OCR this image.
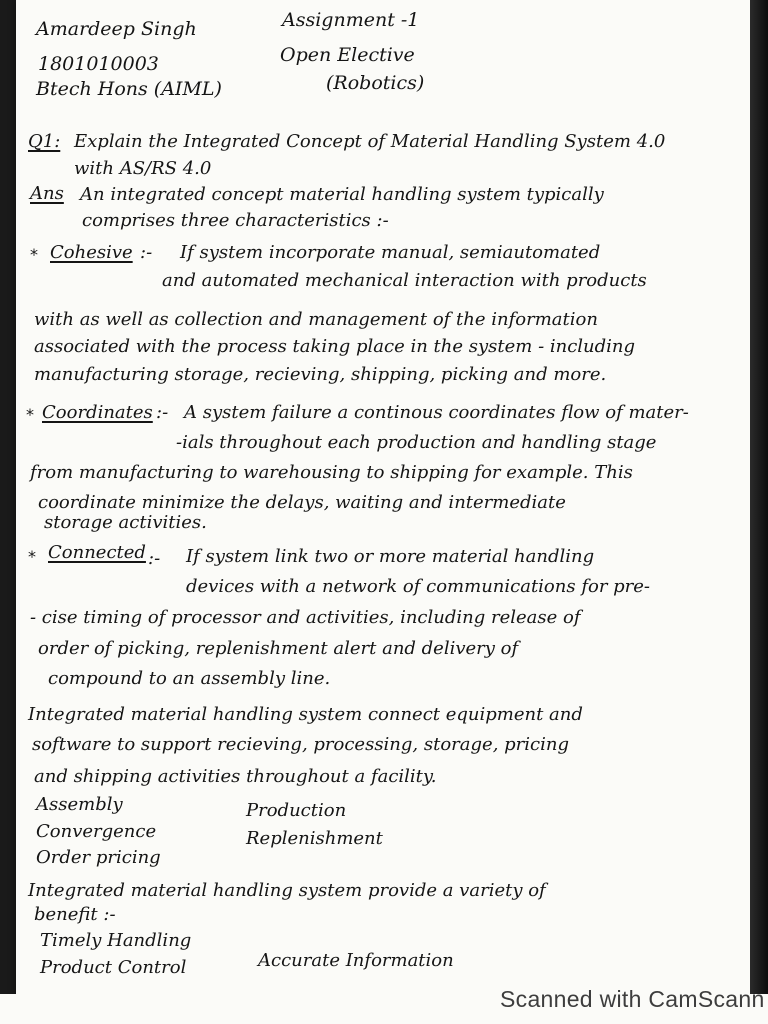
Amardeep Singh
1801010003
Btech Hons (AIML)
Assignment -1
Open Elective
(Robotics)
Q1: Explain the Integrated Concept of Material Handling System 4.0
with AS/RS 4.0
Ans An integrated concept material handling system typically
comprises three characteristics :-
* Cohesive :- If system incorporate manual, semiautomated
and automated mechanical interaction with products
with as well as collection and management of the information
associated with the process taking place in the system - including
manufacturing storage, recieving, shipping, picking and more.
* Coordinates :- A system failure a continous coordinates flow of mater-
-ials throughout each production and handling stage
from manufacturing to warehousing to shipping for example. This
coordinate minimize the delays, waiting and intermediate
storage activities.
* Connected :- If system link two or more material handling
devices with a network of communications for pre-
- cise timing of processor and activities, including release of
order of picking, replenishment alert and delivery of
compound to an assembly line.
Integrated material handling system connect equipment and
software to support recieving, processing, storage, pricing
and shipping activities throughout a facility.
Assembly
Convergence
Order pricing
Production
Replenishment
Integrated material handling system provide a variety of
benefit :-
Timely Handling
Product Control	Accurate Information
Scanned with CamScann
